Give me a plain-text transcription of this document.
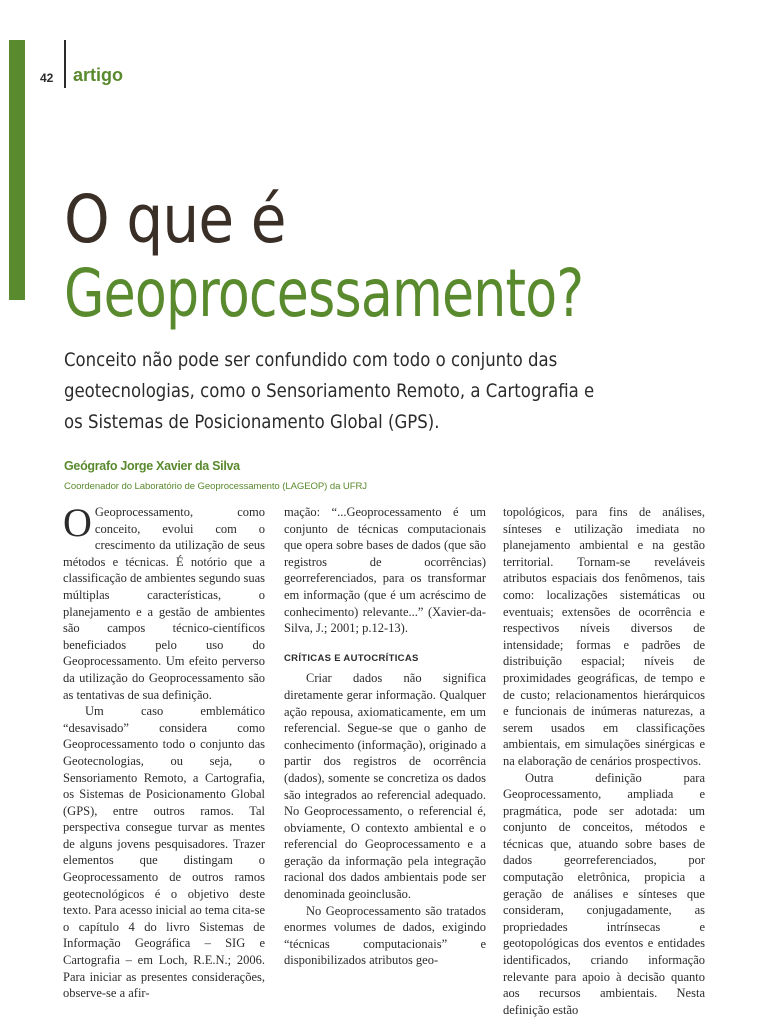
42 artigo
O que é
Geoprocessamento?
Conceito não pode ser confundido com todo o conjunto das
geotecnologias, como o Sensoriamento Remoto, a Cartografia e
os Sistemas de Posicionamento Global (GPS).
Geógrafo Jorge Xavier da Silva
Coordenador do Laboratório de Geoprocessamento (LAGEOP) da UFRJ

O Geoprocessamento, como conceito, evolui com o crescimento da utilização de seus métodos e técnicas. É notório que a classificação de ambientes segundo suas múltiplas características, o planejamento e a gestão de ambientes são campos técnico-científicos beneficiados pelo uso do Geoprocessamento. Um efeito perverso da utilização do Geoprocessamento são as tentativas de sua definição.

Um caso emblemático “desavisado” considera como Geoprocessamento todo o conjunto das Geotecnologias, ou seja, o Sensoriamento Remoto, a Cartografia, os Sistemas de Posicionamento Global (GPS), entre outros ramos. Tal perspectiva consegue turvar as mentes de alguns jovens pesquisadores. Trazer elementos que distingam o Geoprocessamento de outros ramos geotecnológicos é o objetivo deste texto. Para acesso inicial ao tema cita-se o capítulo 4 do livro Sistemas de Informação Geográfica – SIG e Cartografia – em Loch, R.E.N.; 2006. Para iniciar as presentes considerações, observe-se a afir-

mação: “...Geoprocessamento é um conjunto de técnicas computacionais que opera sobre bases de dados (que são registros de ocorrências) georreferenciados, para os transformar em informação (que é um acréscimo de conhecimento) relevante...” (Xavier-da-Silva, J.; 2001; p.12-13).

CRÍTICAS E AUTOCRÍTICAS

Criar dados não significa diretamente gerar informação. Qualquer ação repousa, axiomaticamente, em um referencial. Segue-se que o ganho de conhecimento (informação), originado a partir dos registros de ocorrência (dados), somente se concretiza os dados são integrados ao referencial adequado. No Geoprocessamento, o referencial é, obviamente, O contexto ambiental e o referencial do Geoprocessamento e a geração da informação pela integração racional dos dados ambientais pode ser denominada geoinclusão.

No Geoprocessamento são tratados enormes volumes de dados, exigindo “técnicas computacionais” e disponibilizados atributos geo-

topológicos, para fins de análises, sínteses e utilização imediata no planejamento ambiental e na gestão territorial. Tornam-se reveláveis atributos espaciais dos fenômenos, tais como: localizações sistemáticas ou eventuais; extensões de ocorrência e respectivos níveis diversos de intensidade; formas e padrões de distribuição espacial; níveis de proximidades geográficas, de tempo e de custo; relacionamentos hierárquicos e funcionais de inúmeras naturezas, a serem usados em classificações ambientais, em simulações sinérgicas e na elaboração de cenários prospectivos.

Outra definição para Geoprocessamento, ampliada e pragmática, pode ser adotada: um conjunto de conceitos, métodos e técnicas que, atuando sobre bases de dados georreferenciados, por computação eletrônica, propicia a geração de análises e sínteses que consideram, conjugadamente, as propriedades intrínsecas e geotopológicas dos eventos e entidades identificados, criando informação relevante para apoio à decisão quanto aos recursos ambientais. Nesta definição estão
